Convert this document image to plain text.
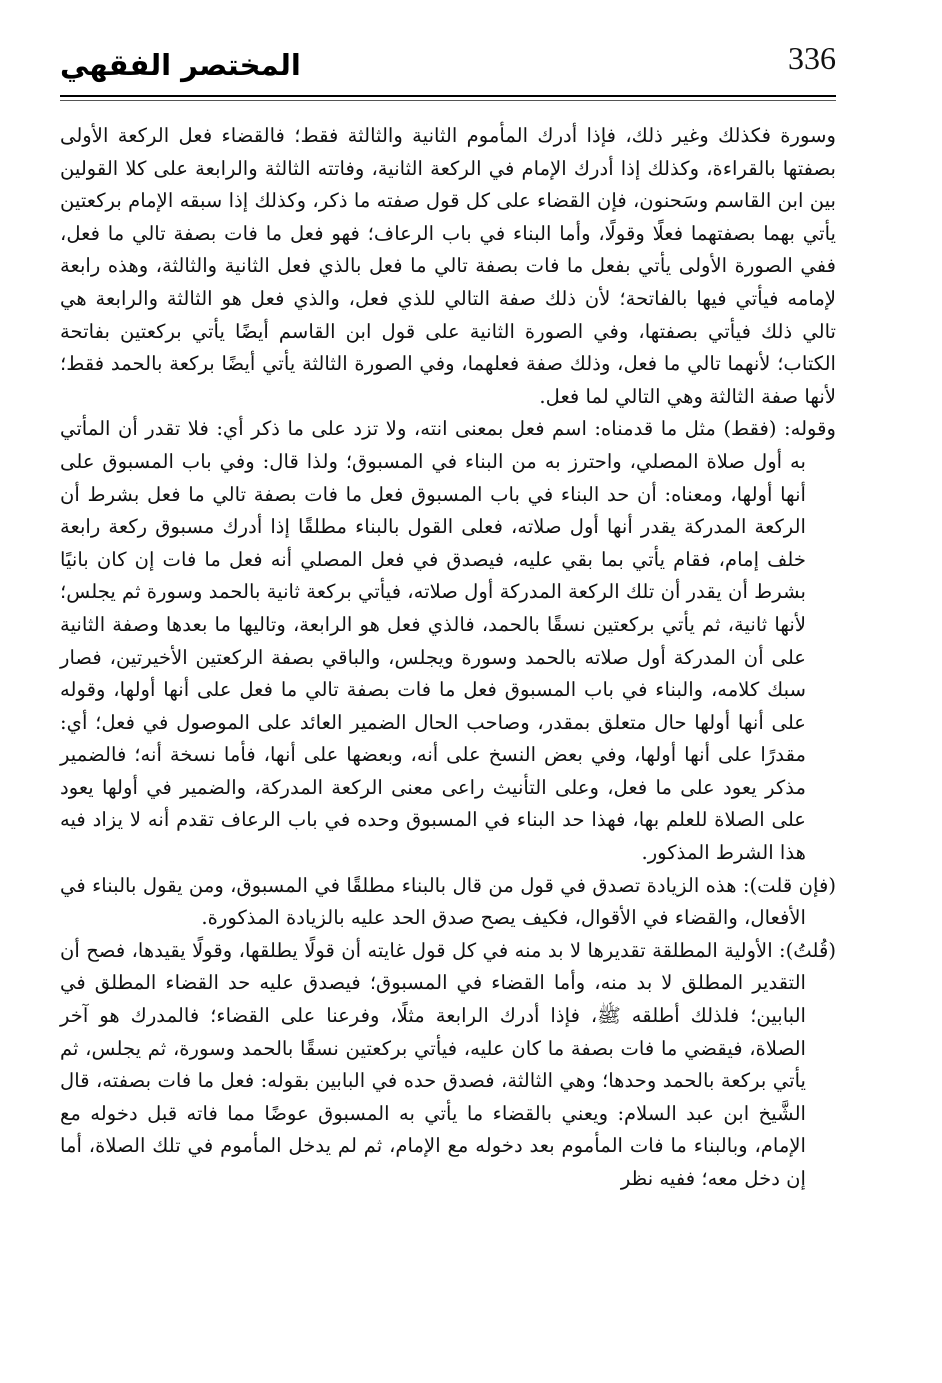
336
المختصر الفقهي

وسورة فكذلك وغير ذلك، فإذا أدرك المأموم الثانية والثالثة فقط؛ فالقضاء فعل الركعة الأولى بصفتها بالقراءة، وكذلك إذا أدرك الإمام في الركعة الثانية، وفاتته الثالثة والرابعة على كلا القولين بين ابن القاسم وسَحنون، فإن القضاء على كل قول صفته ما ذكر، وكذلك إذا سبقه الإمام بركعتين يأتي بهما بصفتهما فعلًا وقولًا، وأما البناء في باب الرعاف؛ فهو فعل ما فات بصفة تالي ما فعل، ففي الصورة الأولى يأتي بفعل ما فات بصفة تالي ما فعل بالذي فعل الثانية والثالثة، وهذه رابعة لإمامه فيأتي فيها بالفاتحة؛ لأن ذلك صفة التالي للذي فعل، والذي فعل هو الثالثة والرابعة هي تالي ذلك فيأتي بصفتها، وفي الصورة الثانية على قول ابن القاسم أيضًا يأتي بركعتين بفاتحة الكتاب؛ لأنهما تالي ما فعل، وذلك صفة فعلهما، وفي الصورة الثالثة يأتي أيضًا بركعة بالحمد فقط؛ لأنها صفة الثالثة وهي التالي لما فعل.

وقوله: (فقط) مثل ما قدمناه: اسم فعل بمعنى انته، ولا تزد على ما ذكر أي: فلا تقدر أن المأتي به أول صلاة المصلي، واحترز به من البناء في المسبوق؛ ولذا قال: وفي باب المسبوق على أنها أولها، ومعناه: أن حد البناء في باب المسبوق فعل ما فات بصفة تالي ما فعل بشرط أن الركعة المدركة يقدر أنها أول صلاته، فعلى القول بالبناء مطلقًا إذا أدرك مسبوق ركعة رابعة خلف إمام، فقام يأتي بما بقي عليه، فيصدق في فعل المصلي أنه فعل ما فات إن كان بانيًا بشرط أن يقدر أن تلك الركعة المدركة أول صلاته، فيأتي بركعة ثانية بالحمد وسورة ثم يجلس؛ لأنها ثانية، ثم يأتي بركعتين نسقًا بالحمد، فالذي فعل هو الرابعة، وتاليها ما بعدها وصفة الثانية على أن المدركة أول صلاته بالحمد وسورة ويجلس، والباقي بصفة الركعتين الأخيرتين، فصار سبك كلامه، والبناء في باب المسبوق فعل ما فات بصفة تالي ما فعل على أنها أولها، وقوله على أنها أولها حال متعلق بمقدر، وصاحب الحال الضمير العائد على الموصول في فعل؛ أي: مقدرًا على أنها أولها، وفي بعض النسخ على أنه، وبعضها على أنها، فأما نسخة أنه؛ فالضمير مذكر يعود على ما فعل، وعلى التأنيث راعى معنى الركعة المدركة، والضمير في أولها يعود على الصلاة للعلم بها، فهذا حد البناء في المسبوق وحده في باب الرعاف تقدم أنه لا يزاد فيه هذا الشرط المذكور.

(فإن قلت): هذه الزيادة تصدق في قول من قال بالبناء مطلقًا في المسبوق، ومن يقول بالبناء في الأفعال، والقضاء في الأقوال، فكيف يصح صدق الحد عليه بالزيادة المذكورة.

(قُلتُ): الأولية المطلقة تقديرها لا بد منه في كل قول غايته أن قولًا يطلقها، وقولًا يقيدها، فصح أن التقدير المطلق لا بد منه، وأما القضاء في المسبوق؛ فيصدق عليه حد القضاء المطلق في البابين؛ فلذلك أطلقه ﷺ، فإذا أدرك الرابعة مثلًا، وفرعنا على القضاء؛ فالمدرك هو آخر الصلاة، فيقضي ما فات بصفة ما كان عليه، فيأتي بركعتين نسقًا بالحمد وسورة، ثم يجلس، ثم يأتي بركعة بالحمد وحدها؛ وهي الثالثة، فصدق حده في البابين بقوله: فعل ما فات بصفته، قال الشَّيخ ابن عبد السلام: ويعني بالقضاء ما يأتي به المسبوق عوضًا مما فاته قبل دخوله مع الإمام، وبالبناء ما فات المأموم بعد دخوله مع الإمام، ثم لم يدخل المأموم في تلك الصلاة، أما إن دخل معه؛ ففيه نظر
